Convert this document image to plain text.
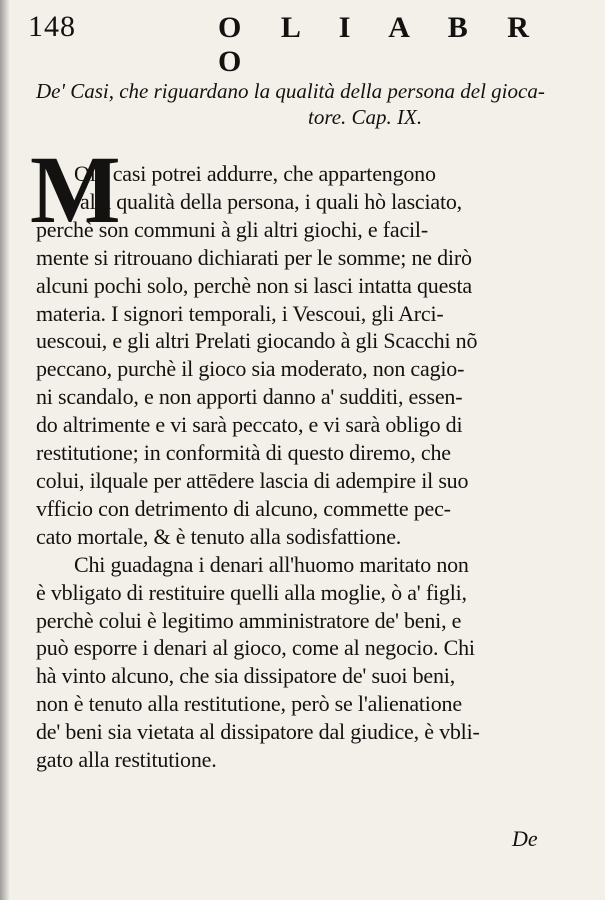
148	O L I A B R O
De' Casi, che riguardano la qualità della persona del gioca-
tore. Cap. IX.
M
Olti casi potrei addurre, che appartengono
alla qualità della persona, i quali hò lasciato,
perchè son communi à gli altri giochi, e facil-
mente si ritrouano dichiarati per le somme; ne dirò
alcuni pochi solo, perchè non si lasci intatta questa
materia. I signori temporali, i Vescoui, gli Arci-
uescoui, e gli altri Prelati giocando à gli Scacchi nõ
peccano, purchè il gioco sia moderato, non cagio-
ni scandalo, e non apporti danno a' sudditi, essen-
do altrimente e vi sarà peccato, e vi sarà obligo di
restitutione; in conformità di questo diremo, che
colui, ilquale per attēdere lascia di adempire il suo
vfficio con detrimento di alcuno, commette pec-
cato mortale, & è tenuto alla sodisfattione.
Chi guadagna i denari all'huomo maritato non
è vbligato di restituire quelli alla moglie, ò a' figli,
perchè colui è legitimo amministratore de' beni, e
può esporre i denari al gioco, come al negocio. Chi
hà vinto alcuno, che sia dissipatore de' suoi beni,
non è tenuto alla restitutione, però se l'alienatione
de' beni sia vietata al dissipatore dal giudice, è vbli-
gato alla restitutione.
De
